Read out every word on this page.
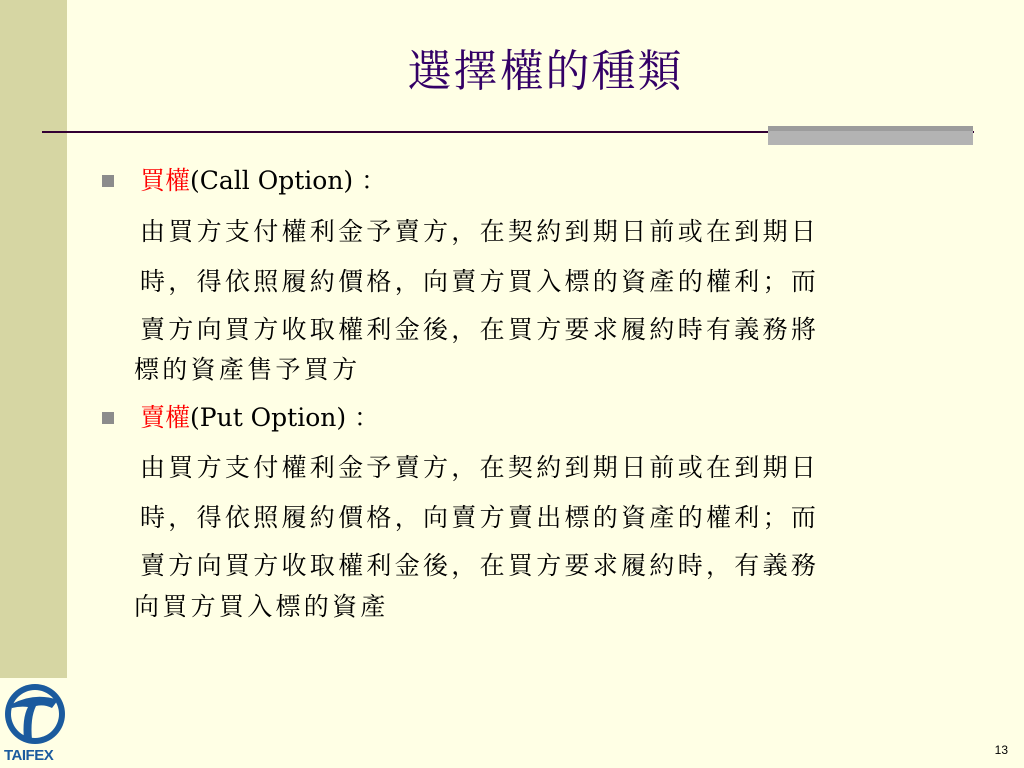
選擇權的種類
買權(Call Option) ：
由買方支付權利金予賣方，在契約到期日前或在到期日
時，得依照履約價格，向賣方買入標的資產的權利；而
賣方向買方收取權利金後，在買方要求履約時有義務將
標的資產售予買方
賣權(Put Option) ：
由買方支付權利金予賣方，在契約到期日前或在到期日
時，得依照履約價格，向賣方賣出標的資產的權利；而
賣方向買方收取權利金後，在買方要求履約時，有義務
向買方買入標的資產
TAIFEX	13
